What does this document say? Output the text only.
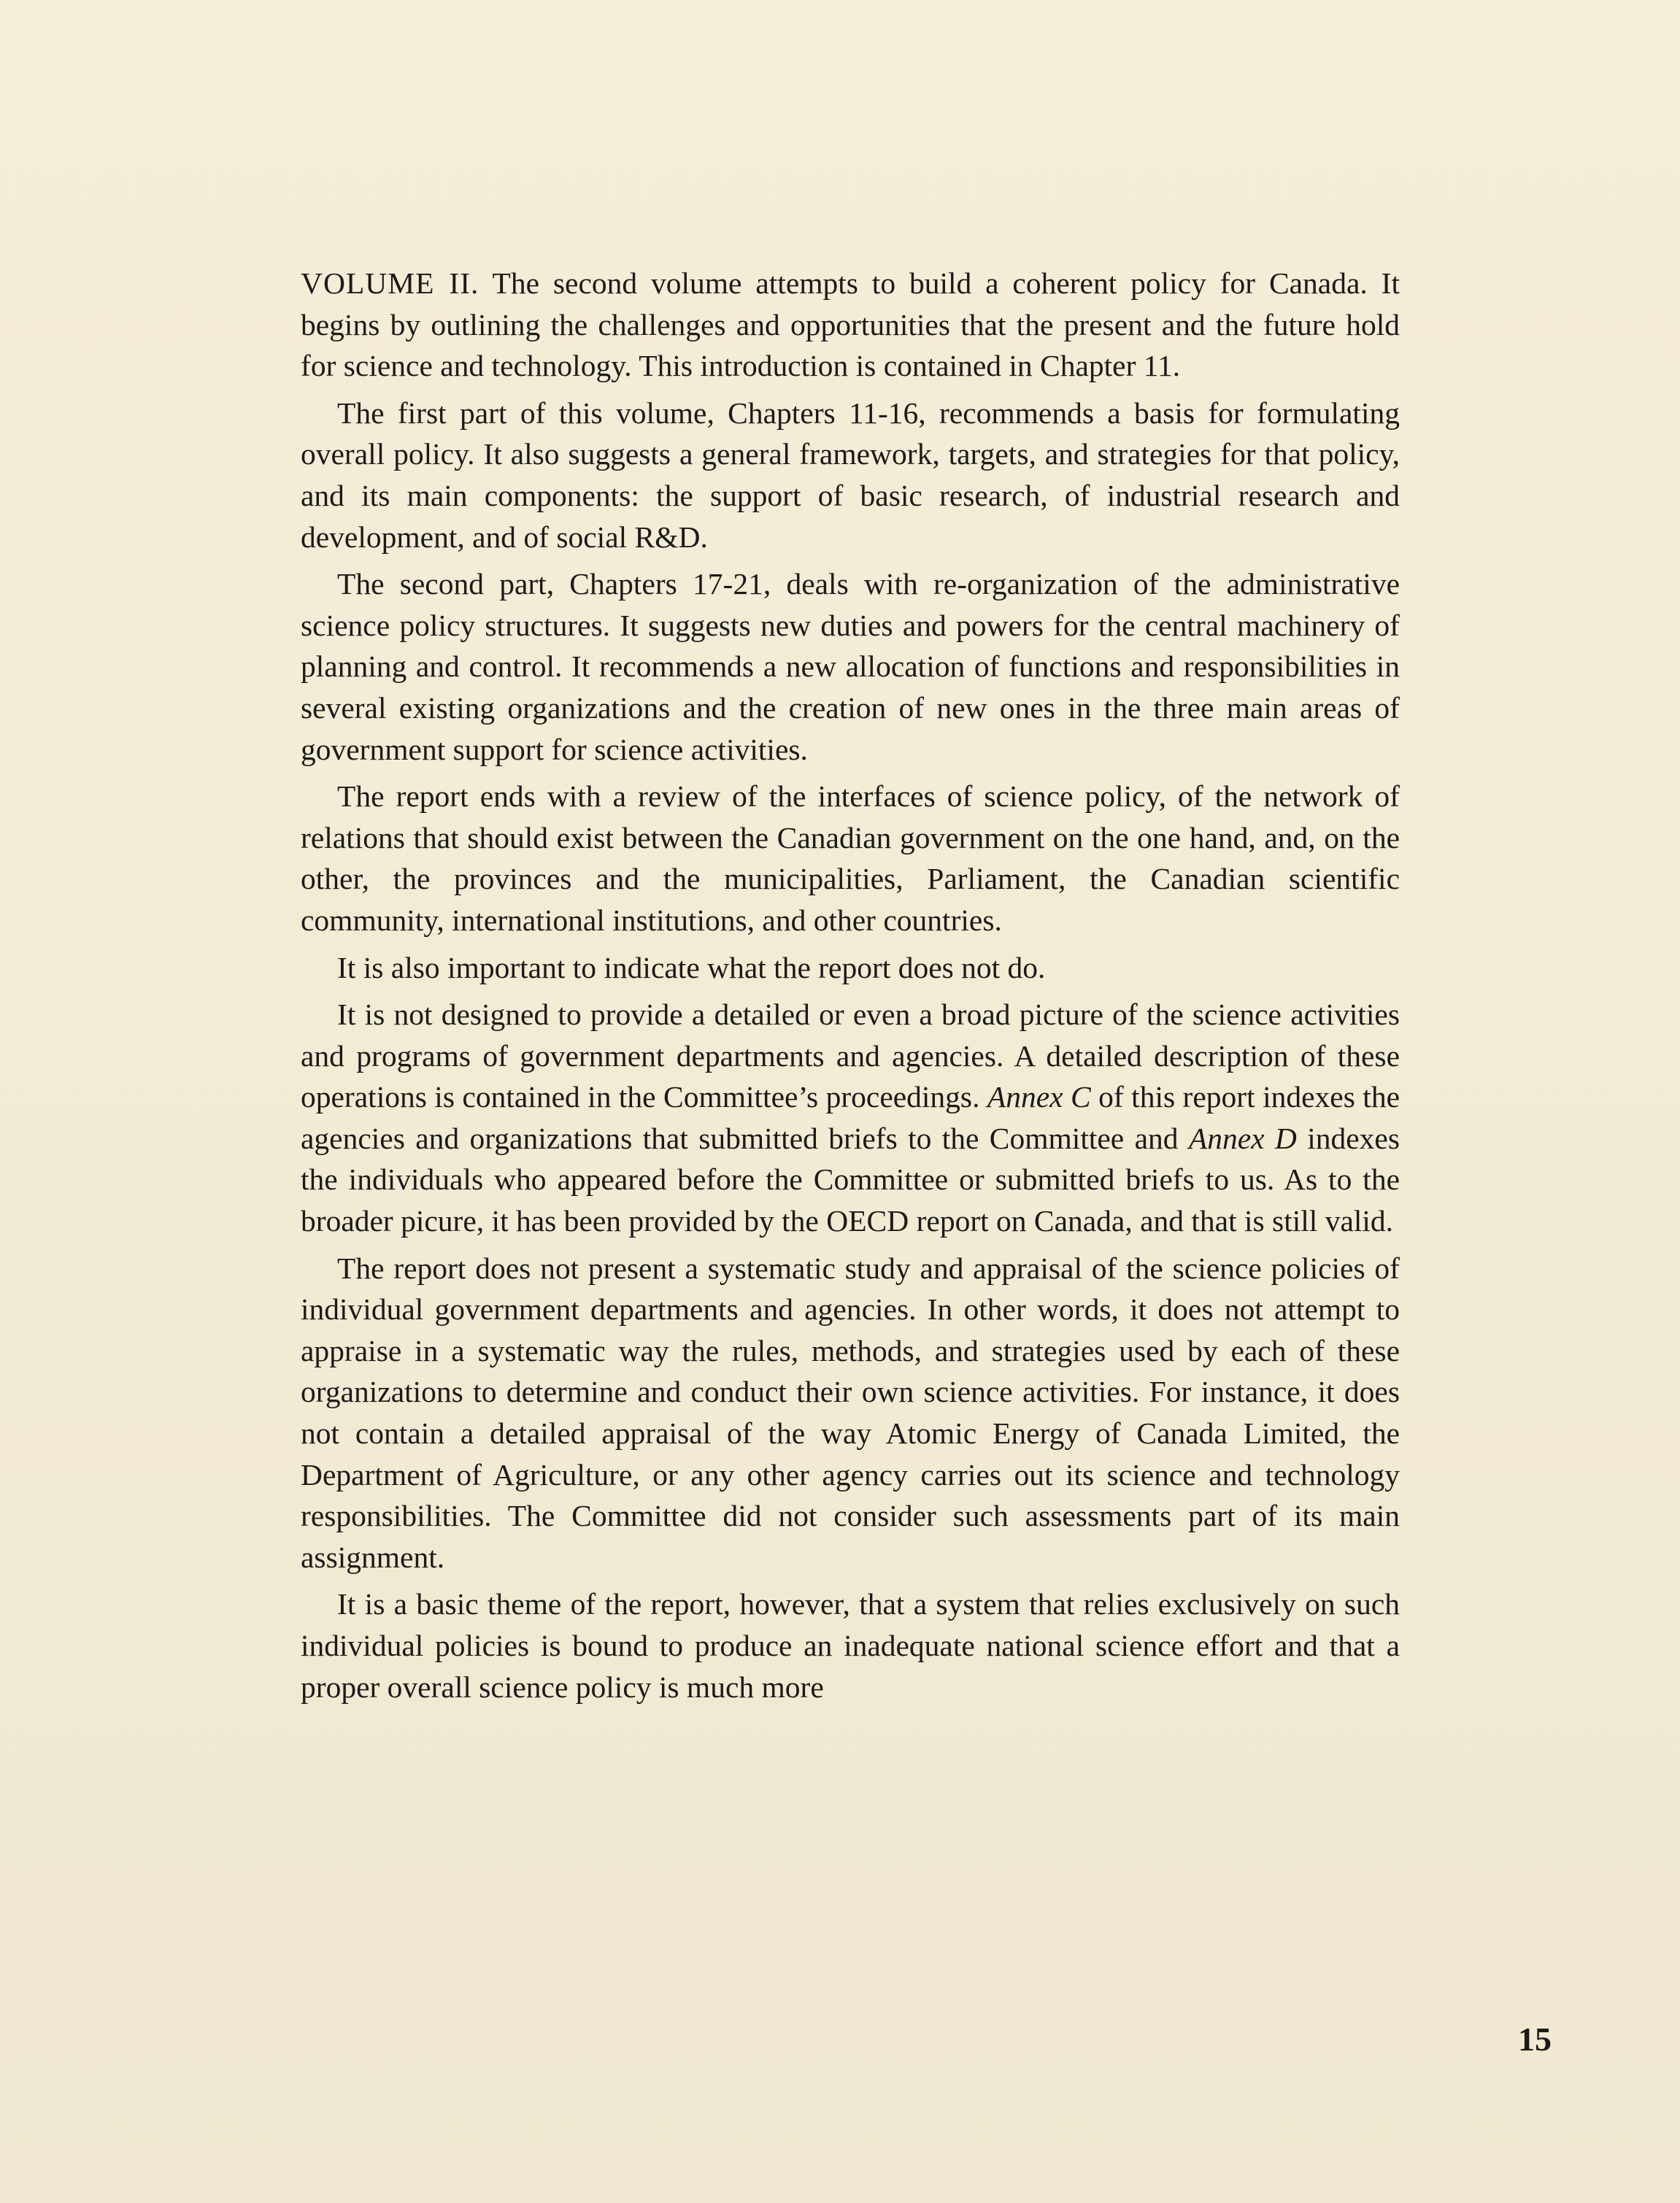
VOLUME II. The second volume attempts to build a coherent policy for Canada. It begins by outlining the challenges and opportunities that the present and the future hold for science and technology. This introduction is contained in Chapter 11.

The first part of this volume, Chapters 11-16, recommends a basis for formulating overall policy. It also suggests a general framework, targets, and strategies for that policy, and its main components: the support of basic research, of industrial research and development, and of social R&D.

The second part, Chapters 17-21, deals with re-organization of the administrative science policy structures. It suggests new duties and powers for the central machinery of planning and control. It recommends a new allocation of functions and responsibilities in several existing organizations and the creation of new ones in the three main areas of government support for science activities.

The report ends with a review of the interfaces of science policy, of the network of relations that should exist between the Canadian government on the one hand, and, on the other, the provinces and the municipalities, Parliament, the Canadian scientific community, international institutions, and other countries.

It is also important to indicate what the report does not do.

It is not designed to provide a detailed or even a broad picture of the science activities and programs of government departments and agencies. A detailed description of these operations is contained in the Committee’s proceedings. Annex C of this report indexes the agencies and organizations that submitted briefs to the Committee and Annex D indexes the individuals who appeared before the Committee or submitted briefs to us. As to the broader picure, it has been provided by the OECD report on Canada, and that is still valid.

The report does not present a systematic study and appraisal of the science policies of individual government departments and agencies. In other words, it does not attempt to appraise in a systematic way the rules, methods, and strategies used by each of these organizations to determine and conduct their own science activities. For instance, it does not contain a detailed appraisal of the way Atomic Energy of Canada Limited, the Department of Agriculture, or any other agency carries out its science and technology responsibilities. The Committee did not consider such assessments part of its main assignment.

It is a basic theme of the report, however, that a system that relies exclusively on such individual policies is bound to produce an inadequate national science effort and that a proper overall science policy is much more

15
